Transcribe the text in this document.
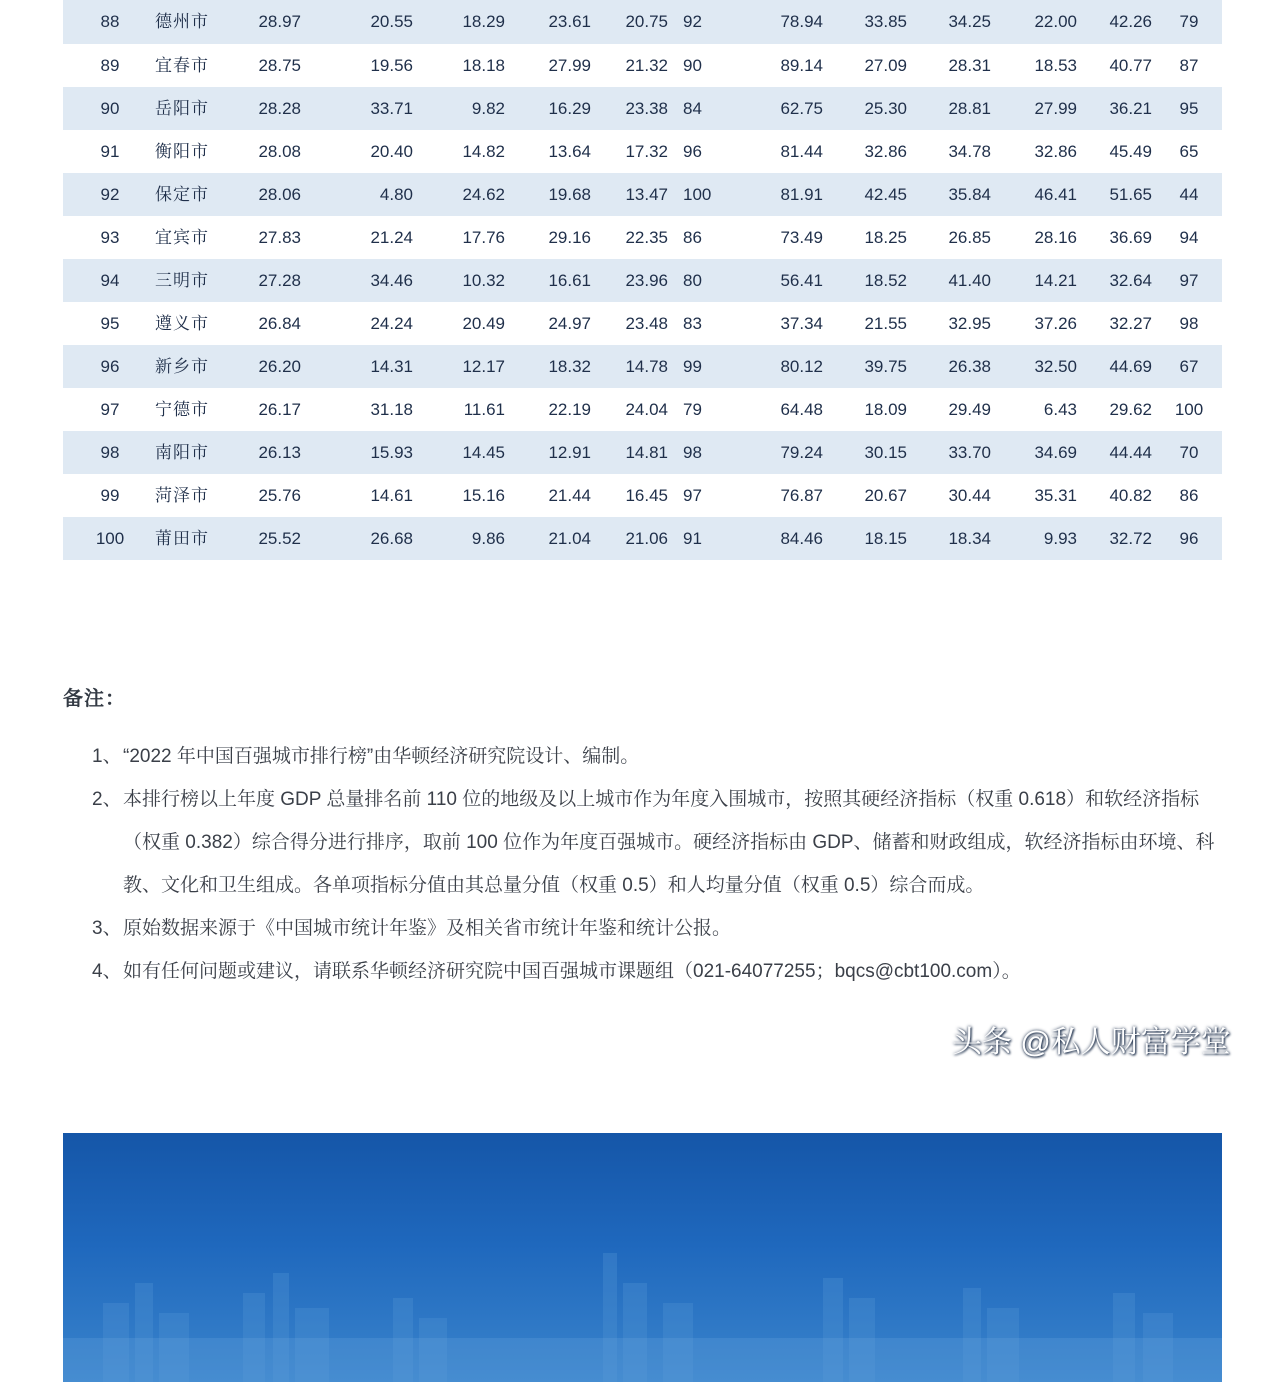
88	德州市	28.97	20.55	18.29	23.61	20.75 92	78.94	33.85	34.25	22.00	42.26	79
89	宜春市	28.75	19.56	18.18	27.99	21.32 90	89.14	27.09	28.31	18.53	40.77	87
90	岳阳市	28.28	33.71	9.82	16.29	23.38 84	62.75	25.30	28.81	27.99	36.21	95
91	衡阳市	28.08	20.40	14.82	13.64	17.32 96	81.44	32.86	34.78	32.86	45.49	65
92	保定市	28.06	4.80	24.62	19.68	13.47 100	81.91	42.45	35.84	46.41	51.65	44
93	宜宾市	27.83	21.24	17.76	29.16	22.35 86	73.49	18.25	26.85	28.16	36.69	94
94	三明市	27.28	34.46	10.32	16.61	23.96 80	56.41	18.52	41.40	14.21	32.64	97
95	遵义市	26.84	24.24	20.49	24.97	23.48 83	37.34	21.55	32.95	37.26	32.27	98
96	新乡市	26.20	14.31	12.17	18.32	14.78 99	80.12	39.75	26.38	32.50	44.69	67
97	宁德市	26.17	31.18	11.61	22.19	24.04 79	64.48	18.09	29.49	6.43	29.62 100
98	南阳市	26.13	15.93	14.45	12.91	14.81 98	79.24	30.15	33.70	34.69	44.44	70
99	菏泽市	25.76	14.61	15.16	21.44	16.45 97	76.87	20.67	30.44	35.31	40.82	86
100 莆田市	25.52	26.68	9.86	21.04	21.06 91	84.46	18.15	18.34	9.93	32.72	96
备注：
1、 “2022 年中国百强城市排行榜”由华顿经济研究院设计、编制。
2、 本排行榜以上年度 GDP 总量排名前 110 位的地级及以上城市作为年度入围城市，按照其硬经济指标（权重 0.618）和软经济指标（权重 0.382）综合得分进行排序，取前 100 位作为年度百强城市。硬经济指标由 GDP、储蓄和财政组成，软经济指标由环境、科教、文化和卫生组成。各单项指标分值由其总量分值（权重 0.5）和人均量分值（权重 0.5）综合而成。
3、 原始数据来源于《中国城市统计年鉴》及相关省市统计年鉴和统计公报。
4、 如有任何问题或建议，请联系华顿经济研究院中国百强城市课题组（021-64077255；bqcs@cbt100.com）。
头条 @私人财富学堂
